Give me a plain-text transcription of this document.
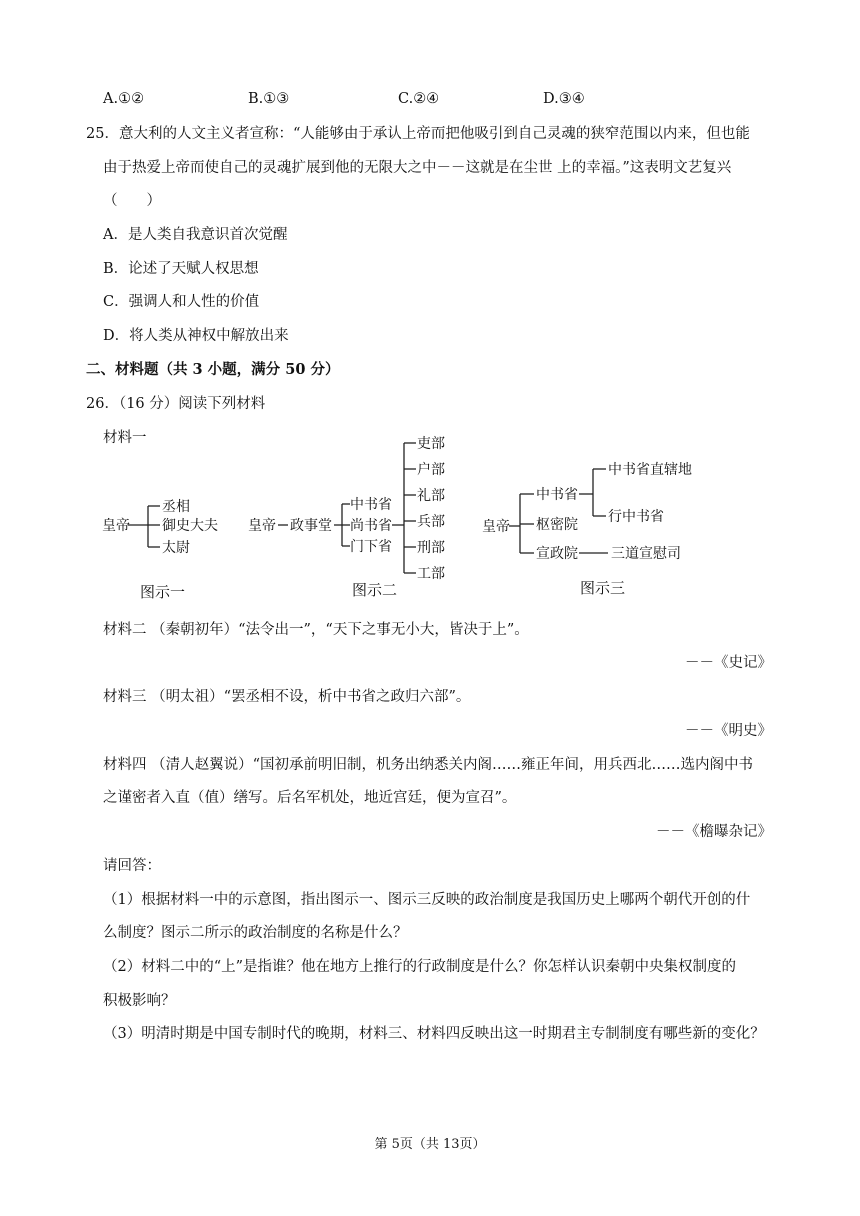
A.①②	B.①③	C.②④	D.③④
25．意大利的人文主义者宣称：“人能够由于承认上帝而把他吸引到自己灵魂的狭窄范围以内来，但也能
由于热爱上帝而使自己的灵魂扩展到他的无限大之中－－这就是在尘世 上的幸福。”这表明文艺复兴
（　　）
A．是人类自我意识首次觉醒
B．论述了天赋人权思想
C．强调人和人性的价值
D．将人类从神权中解放出来
二、材料题（共 3 小题，满分 50 分）
26．（16 分）阅读下列材料
材料一
皇帝
丞相
御史大夫
太尉
图示一
皇帝 政事堂
中书省
尚书省
门下省
吏部
户部
礼部
兵部
刑部
工部
图示二
皇帝
中书省
枢密院
宣政院
中书省直辖地
行中书省
三道宣慰司
图示三
材料二 （秦朝初年）“法令出一”，“天下之事无小大，皆决于上”。
－－《史记》
材料三 （明太祖）“罢丞相不设，析中书省之政归六部”。
－－《明史》
材料四 （清人赵翼说）“国初承前明旧制，机务出纳悉关内阁……雍正年间，用兵西北……选内阁中书
之谨密者入直（值）缮写。后名军机处，地近宫廷，便为宣召”。
－－《檐曝杂记》
请回答：
（1）根据材料一中的示意图，指出图示一、图示三反映的政治制度是我国历史上哪两个朝代开创的什
么制度？图示二所示的政治制度的名称是什么？
（2）材料二中的“上”是指谁？他在地方上推行的行政制度是什么？你怎样认识秦朝中央集权制度的
积极影响？
（3）明清时期是中国专制时代的晚期，材料三、材料四反映出这一时期君主专制制度有哪些新的变化？
第 5页（共 13页）
